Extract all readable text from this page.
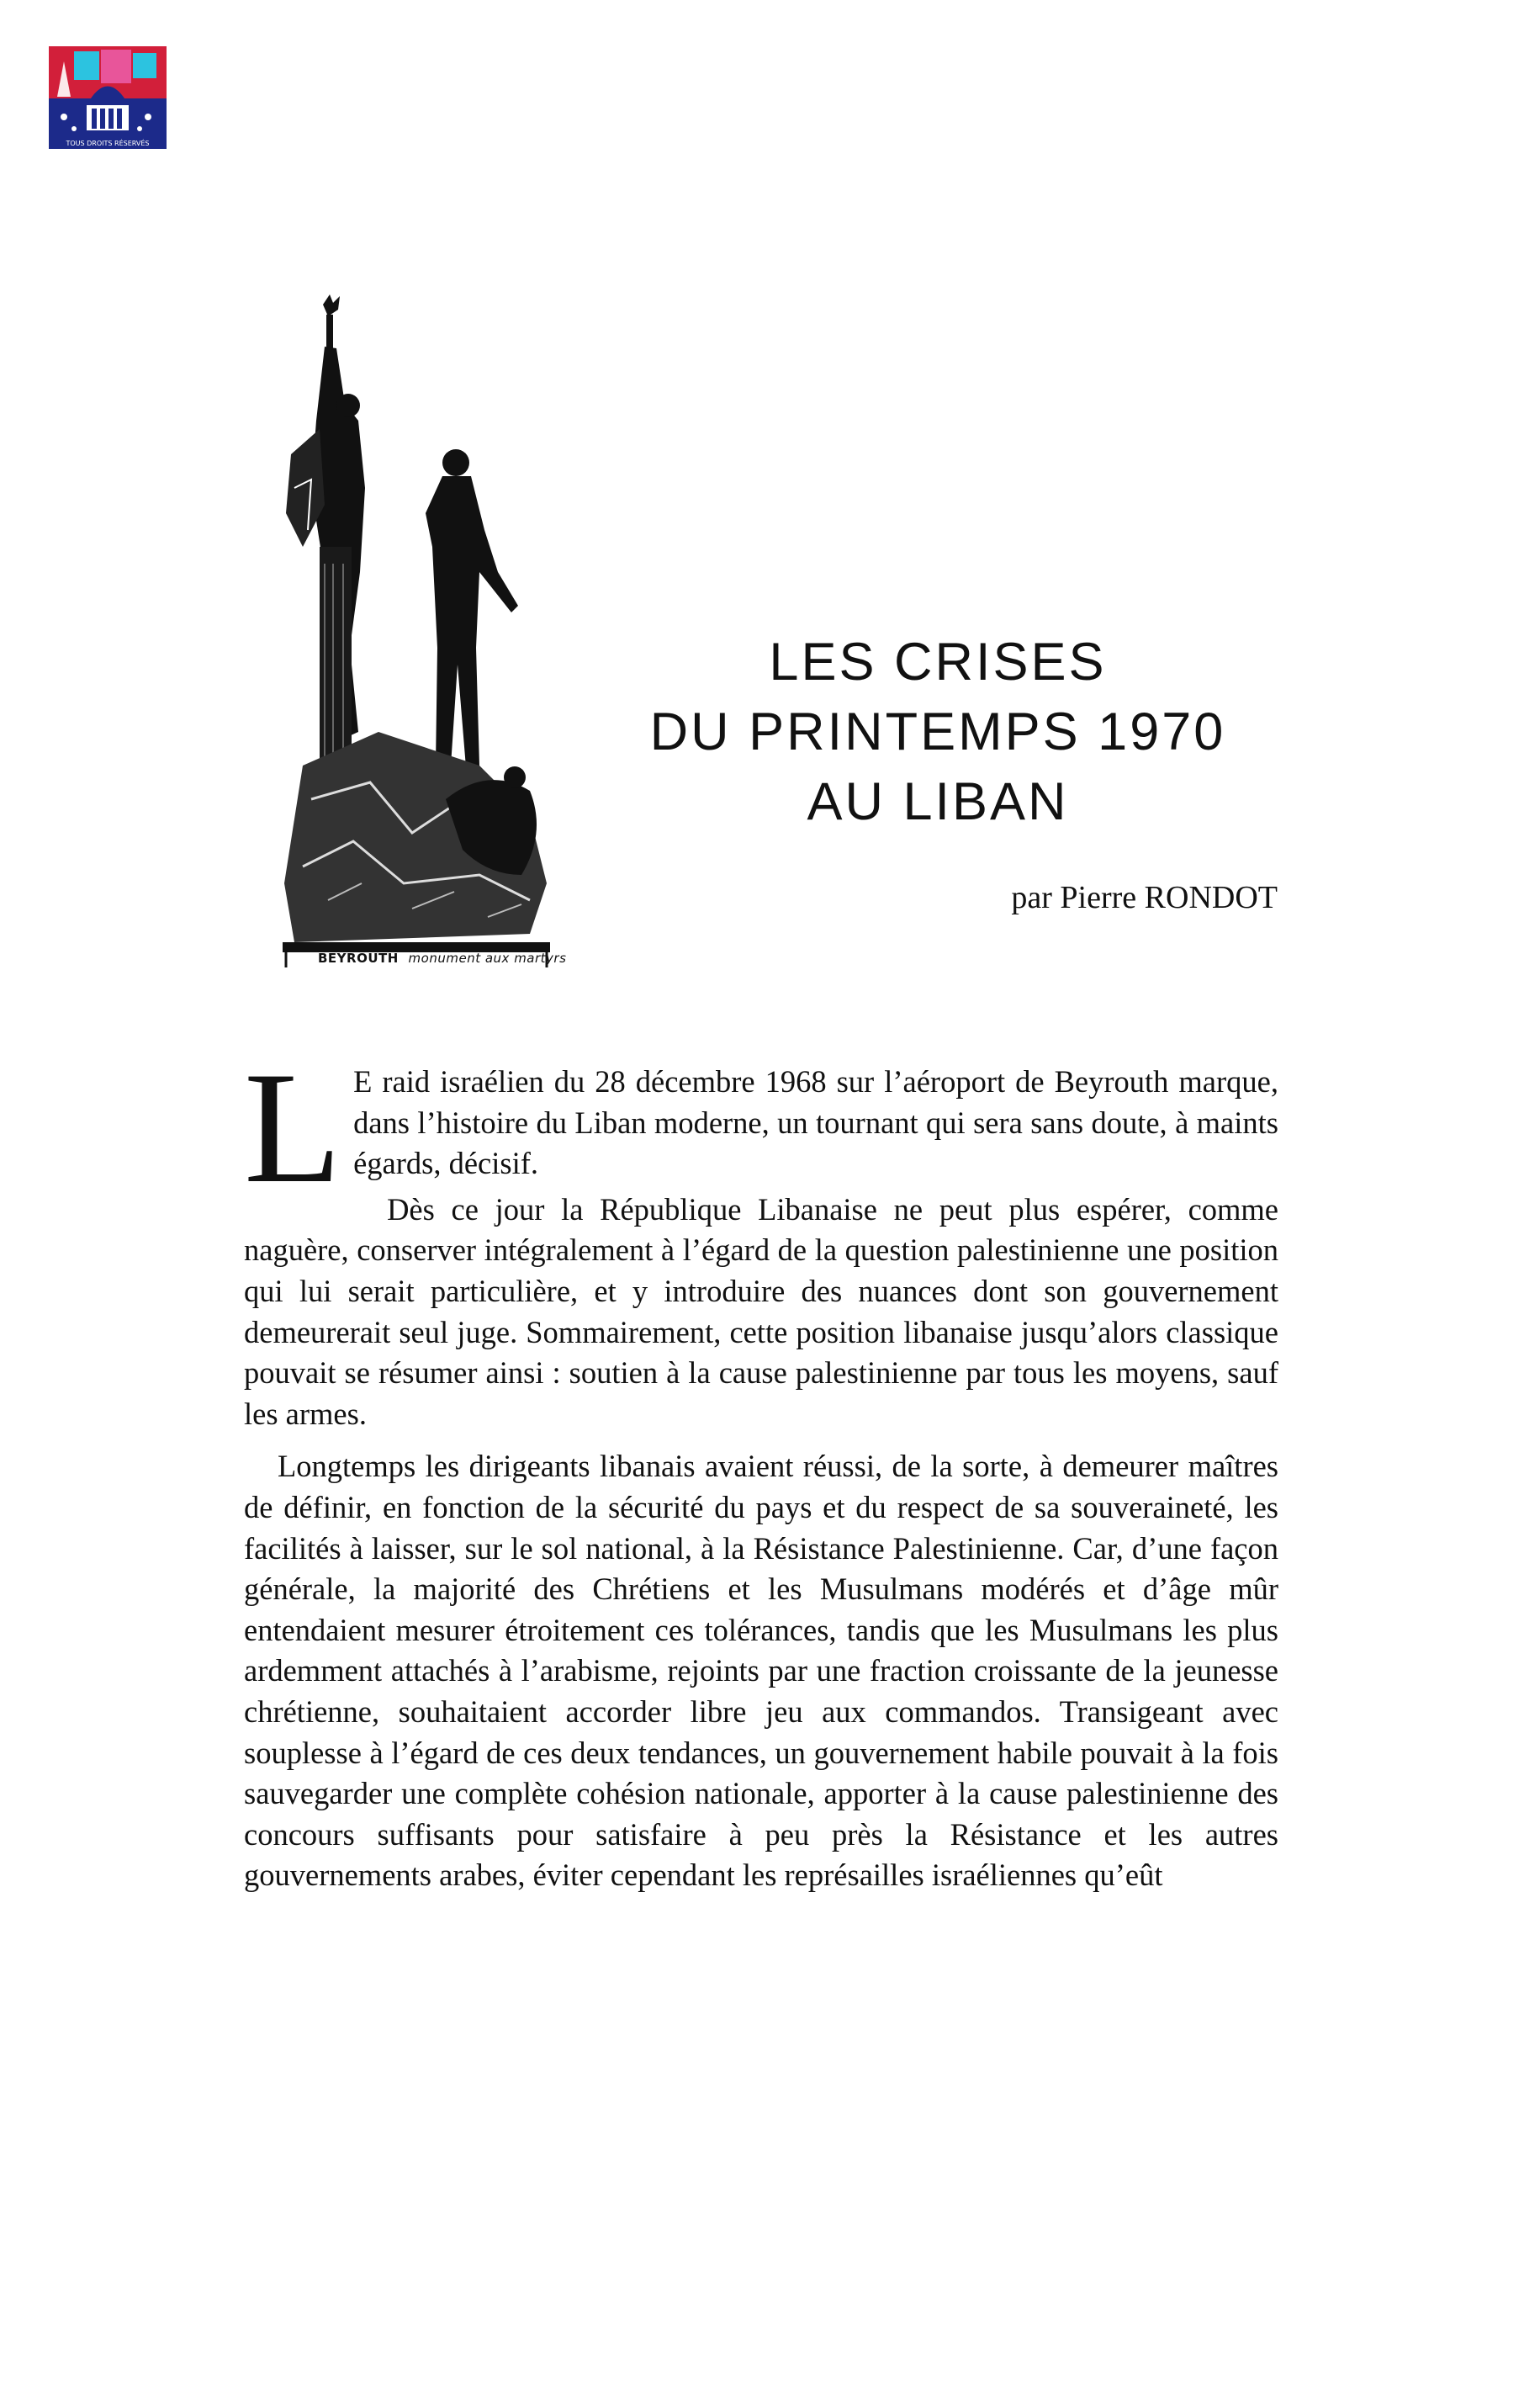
TOUS DROITS RÉSERVÉS
BEYROUTH monument aux martyrs
LES CRISES
DU PRINTEMPS 1970
AU LIBAN
par Pierre RONDOT

L E raid israélien du 28 décembre 1968 sur l’aéroport de Beyrouth marque, dans l’histoire du Liban moderne, un tournant qui sera sans doute, à maints égards, décisif.

Dès ce jour la République Libanaise ne peut plus espérer, comme naguère, conserver intégralement à l’égard de la question palestinienne une position qui lui serait particulière, et y introduire des nuances dont son gouvernement demeurerait seul juge. Sommairement, cette position libanaise jusqu’alors classique pouvait se résumer ainsi : soutien à la cause palestinienne par tous les moyens, sauf les armes.

Longtemps les dirigeants libanais avaient réussi, de la sorte, à demeurer maîtres de définir, en fonction de la sécurité du pays et du respect de sa souveraineté, les facilités à laisser, sur le sol national, à la Résistance Palestinienne. Car, d’une façon générale, la majorité des Chrétiens et les Musulmans modérés et d’âge mûr entendaient mesurer étroitement ces tolérances, tandis que les Musulmans les plus ardemment attachés à l’arabisme, rejoints par une fraction croissante de la jeunesse chrétienne, souhaitaient accorder libre jeu aux commandos. Transigeant avec souplesse à l’égard de ces deux tendances, un gouvernement habile pouvait à la fois sauvegarder une complète cohésion nationale, apporter à la cause palestinienne des concours suffisants pour satisfaire à peu près la Résistance et les autres gouvernements arabes, éviter cependant les représailles israéliennes qu’eût
